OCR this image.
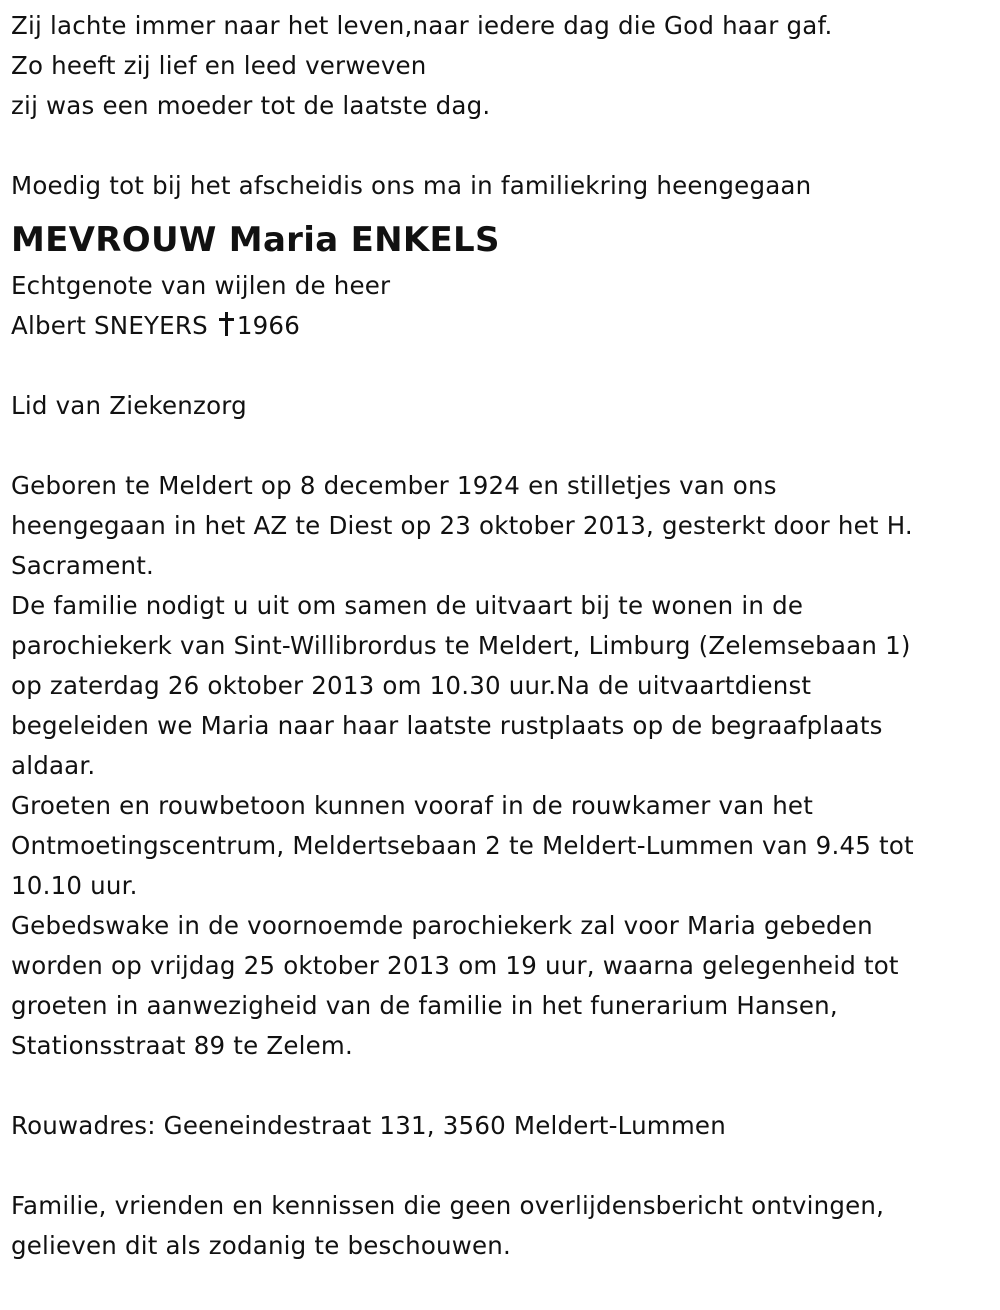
Zij lachte immer naar het leven,naar iedere dag die God haar gaf.
Zo heeft zij lief en leed verweven
zij was een moeder tot de laatste dag.
Moedig tot bij het afscheidis ons ma in familiekring heengegaan
MEVROUW Maria ENKELS
Echtgenote van wijlen de heer
Albert SNEYERS 1966
Lid van Ziekenzorg
Geboren te Meldert op 8 december 1924 en stilletjes van ons
heengegaan in het AZ te Diest op 23 oktober 2013, gesterkt door het H.
Sacrament.
De familie nodigt u uit om samen de uitvaart bij te wonen in de
parochiekerk van Sint-Willibrordus te Meldert, Limburg (Zelemsebaan 1)
op zaterdag 26 oktober 2013 om 10.30 uur.Na de uitvaartdienst
begeleiden we Maria naar haar laatste rustplaats op de begraafplaats
aldaar.
Groeten en rouwbetoon kunnen vooraf in de rouwkamer van het
Ontmoetingscentrum, Meldertsebaan 2 te Meldert-Lummen van 9.45 tot
10.10 uur.
Gebedswake in de voornoemde parochiekerk zal voor Maria gebeden
worden op vrijdag 25 oktober 2013 om 19 uur, waarna gelegenheid tot
groeten in aanwezigheid van de familie in het funerarium Hansen,
Stationsstraat 89 te Zelem.
Rouwadres: Geeneindestraat 131, 3560 Meldert-Lummen
Familie, vrienden en kennissen die geen overlijdensbericht ontvingen,
gelieven dit als zodanig te beschouwen.
